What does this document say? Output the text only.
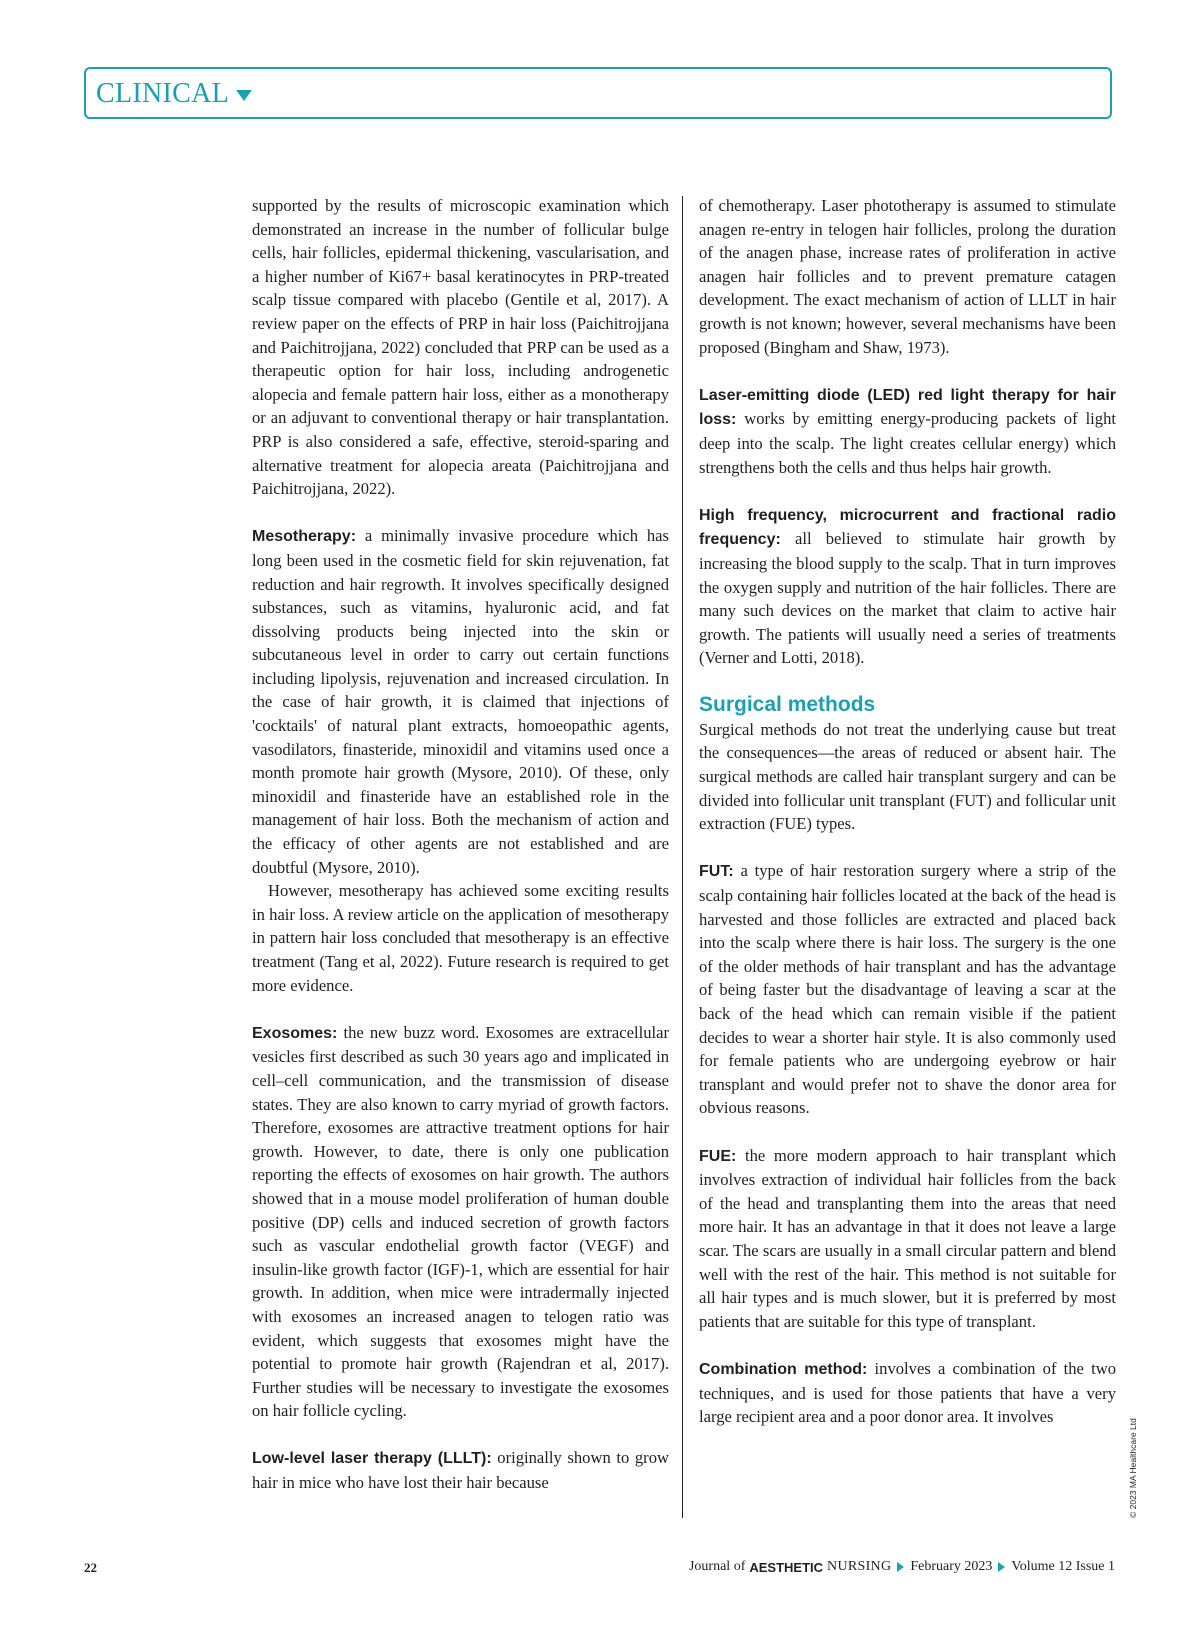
CLINICAL

supported by the results of microscopic examination which demonstrated an increase in the number of follicular bulge cells, hair follicles, epidermal thickening, vascularisation, and a higher number of Ki67+ basal keratinocytes in PRP-treated scalp tissue compared with placebo (Gentile et al, 2017). A review paper on the effects of PRP in hair loss (Paichitrojjana and Paichitrojjana, 2022) concluded that PRP can be used as a therapeutic option for hair loss, including androgenetic alopecia and female pattern hair loss, either as a monotherapy or an adjuvant to conventional therapy or hair transplantation. PRP is also considered a safe, effective, steroid-sparing and alternative treatment for alopecia areata (Paichitrojjana and Paichitrojjana, 2022).

Mesotherapy: a minimally invasive procedure which has long been used in the cosmetic field for skin rejuvenation, fat reduction and hair regrowth. It involves specifically designed substances, such as vitamins, hyaluronic acid, and fat dissolving products being injected into the skin or subcutaneous level in order to carry out certain functions including lipolysis, rejuvenation and increased circulation. In the case of hair growth, it is claimed that injections of 'cocktails' of natural plant extracts, homoeopathic agents, vasodilators, finasteride, minoxidil and vitamins used once a month promote hair growth (Mysore, 2010). Of these, only minoxidil and finasteride have an established role in the management of hair loss. Both the mechanism of action and the efficacy of other agents are not established and are doubtful (Mysore, 2010).

However, mesotherapy has achieved some exciting results in hair loss. A review article on the application of mesotherapy in pattern hair loss concluded that mesotherapy is an effective treatment (Tang et al, 2022). Future research is required to get more evidence.

Exosomes: the new buzz word. Exosomes are extracellular vesicles first described as such 30 years ago and implicated in cell–cell communication, and the transmission of disease states. They are also known to carry myriad of growth factors. Therefore, exosomes are attractive treatment options for hair growth. However, to date, there is only one publication reporting the effects of exosomes on hair growth. The authors showed that in a mouse model proliferation of human double positive (DP) cells and induced secretion of growth factors such as vascular endothelial growth factor (VEGF) and insulin-like growth factor (IGF)-1, which are essential for hair growth. In addition, when mice were intradermally injected with exosomes an increased anagen to telogen ratio was evident, which suggests that exosomes might have the potential to promote hair growth (Rajendran et al, 2017). Further studies will be necessary to investigate the exosomes on hair follicle cycling.

Low-level laser therapy (LLLT): originally shown to grow hair in mice who have lost their hair because

of chemotherapy. Laser phototherapy is assumed to stimulate anagen re-entry in telogen hair follicles, prolong the duration of the anagen phase, increase rates of proliferation in active anagen hair follicles and to prevent premature catagen development. The exact mechanism of action of LLLT in hair growth is not known; however, several mechanisms have been proposed (Bingham and Shaw, 1973).

Laser-emitting diode (LED) red light therapy for hair loss: works by emitting energy-producing packets of light deep into the scalp. The light creates cellular energy) which strengthens both the cells and thus helps hair growth.

High frequency, microcurrent and fractional radio frequency: all believed to stimulate hair growth by increasing the blood supply to the scalp. That in turn improves the oxygen supply and nutrition of the hair follicles. There are many such devices on the market that claim to active hair growth. The patients will usually need a series of treatments (Verner and Lotti, 2018).

Surgical methods

Surgical methods do not treat the underlying cause but treat the consequences—the areas of reduced or absent hair. The surgical methods are called hair transplant surgery and can be divided into follicular unit transplant (FUT) and follicular unit extraction (FUE) types.

FUT: a type of hair restoration surgery where a strip of the scalp containing hair follicles located at the back of the head is harvested and those follicles are extracted and placed back into the scalp where there is hair loss. The surgery is the one of the older methods of hair transplant and has the advantage of being faster but the disadvantage of leaving a scar at the back of the head which can remain visible if the patient decides to wear a shorter hair style. It is also commonly used for female patients who are undergoing eyebrow or hair transplant and would prefer not to shave the donor area for obvious reasons.

FUE: the more modern approach to hair transplant which involves extraction of individual hair follicles from the back of the head and transplanting them into the areas that need more hair. It has an advantage in that it does not leave a large scar. The scars are usually in a small circular pattern and blend well with the rest of the hair. This method is not suitable for all hair types and is much slower, but it is preferred by most patients that are suitable for this type of transplant.

Combination method: involves a combination of the two techniques, and is used for those patients that have a very large recipient area and a poor donor area. It involves

© 2023 MA Healthcare Ltd
22	Journal of AESTHETIC NURSING February 2023 Volume 12 Issue 1
